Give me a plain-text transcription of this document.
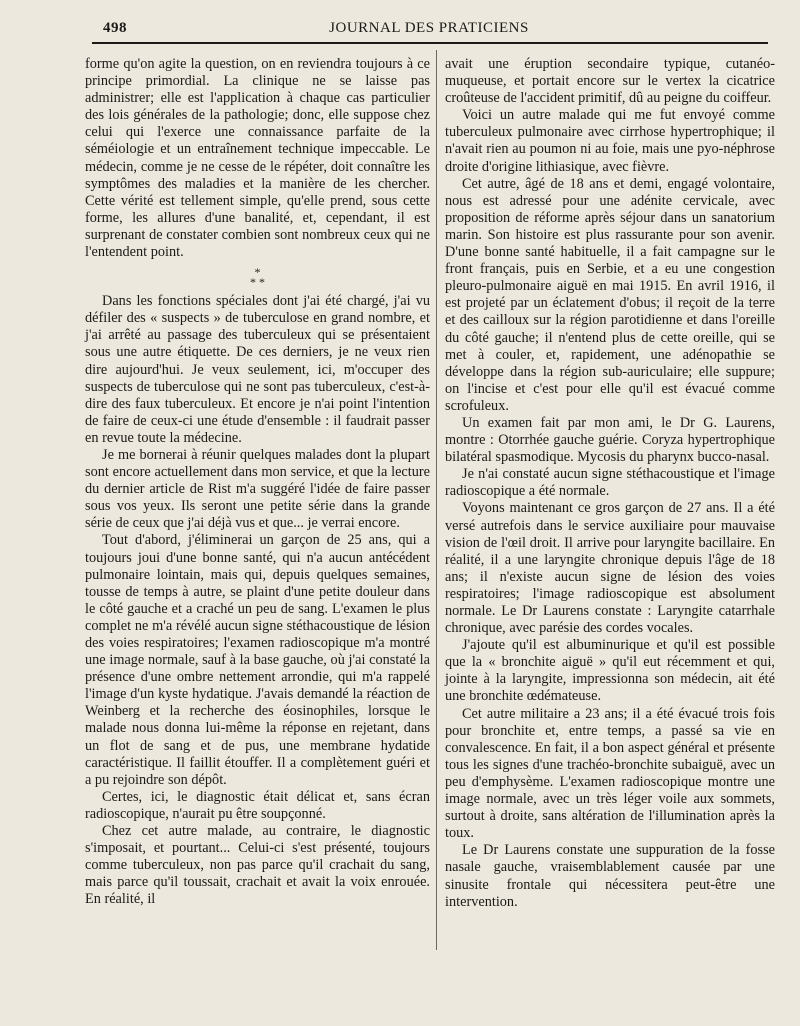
498	JOURNAL DES PRATICIENS

forme qu'on agite la question, on en reviendra toujours à ce principe primordial. La clinique ne se laisse pas administrer; elle est l'application à chaque cas particulier des lois générales de la pathologie; donc, elle suppose chez celui qui l'exerce une connaissance parfaite de la séméiologie et un entraînement technique impeccable. Le médecin, comme je ne cesse de le répéter, doit connaître les symptômes des maladies et la manière de les chercher. Cette vérité est tellement simple, qu'elle prend, sous cette forme, les allures d'une banalité, et, cependant, il est surprenant de constater combien sont nombreux ceux qui ne l'entendent point.

*
* *

Dans les fonctions spéciales dont j'ai été chargé, j'ai vu défiler des « suspects » de tuberculose en grand nombre, et j'ai arrêté au passage des tuberculeux qui se présentaient sous une autre étiquette. De ces derniers, je ne veux rien dire aujourd'hui. Je veux seulement, ici, m'occuper des suspects de tuberculose qui ne sont pas tuberculeux, c'est-à-dire des faux tuberculeux. Et encore je n'ai point l'intention de faire de ceux-ci une étude d'ensemble : il faudrait passer en revue toute la médecine.

Je me bornerai à réunir quelques malades dont la plupart sont encore actuellement dans mon service, et que la lecture du dernier article de Rist m'a suggéré l'idée de faire passer sous vos yeux. Ils seront une petite série dans la grande série de ceux que j'ai déjà vus et que... je verrai encore.

Tout d'abord, j'éliminerai un garçon de 25 ans, qui a toujours joui d'une bonne santé, qui n'a aucun antécédent pulmonaire lointain, mais qui, depuis quelques semaines, tousse de temps à autre, se plaint d'une petite douleur dans le côté gauche et a craché un peu de sang. L'examen le plus complet ne m'a révélé aucun signe stéthacoustique de lésion des voies respiratoires; l'examen radioscopique m'a montré une image normale, sauf à la base gauche, où j'ai constaté la présence d'une ombre nettement arrondie, qui m'a rappelé l'image d'un kyste hydatique. J'avais demandé la réaction de Weinberg et la recherche des éosinophiles, lorsque le malade nous donna lui-même la réponse en rejetant, dans un flot de sang et de pus, une membrane hydatide caractéristique. Il faillit étouffer. Il a complètement guéri et a pu rejoindre son dépôt.

Certes, ici, le diagnostic était délicat et, sans écran radioscopique, n'aurait pu être soupçonné.

Chez cet autre malade, au contraire, le diagnostic s'imposait, et pourtant... Celui-ci s'est présenté, toujours comme tuberculeux, non pas parce qu'il crachait du sang, mais parce qu'il toussait, crachait et avait la voix enrouée. En réalité, il

avait une éruption secondaire typique, cutanéo-muqueuse, et portait encore sur le vertex la cicatrice croûteuse de l'accident primitif, dû au peigne du coiffeur.

Voici un autre malade qui me fut envoyé comme tuberculeux pulmonaire avec cirrhose hypertrophique; il n'avait rien au poumon ni au foie, mais une pyo-néphrose droite d'origine lithiasique, avec fièvre.

Cet autre, âgé de 18 ans et demi, engagé volontaire, nous est adressé pour une adénite cervicale, avec proposition de réforme après séjour dans un sanatorium marin. Son histoire est plus rassurante pour son avenir. D'une bonne santé habituelle, il a fait campagne sur le front français, puis en Serbie, et a eu une congestion pleuro-pulmonaire aiguë en mai 1915. En avril 1916, il est projeté par un éclatement d'obus; il reçoit de la terre et des cailloux sur la région parotidienne et dans l'oreille du côté gauche; il n'entend plus de cette oreille, qui se met à couler, et, rapidement, une adénopathie se développe dans la région sub-auriculaire; elle suppure; on l'incise et c'est pour elle qu'il est évacué comme scrofuleux.

Un examen fait par mon ami, le Dr G. Laurens, montre : Otorrhée gauche guérie. Coryza hypertrophique bilatéral spasmodique. Mycosis du pharynx bucco-nasal.

Je n'ai constaté aucun signe stéthacoustique et l'image radioscopique a été normale.

Voyons maintenant ce gros garçon de 27 ans. Il a été versé autrefois dans le service auxiliaire pour mauvaise vision de l'œil droit. Il arrive pour laryngite bacillaire. En réalité, il a une laryngite chronique depuis l'âge de 18 ans; il n'existe aucun signe de lésion des voies respiratoires; l'image radioscopique est absolument normale. Le Dr Laurens constate : Laryngite catarrhale chronique, avec parésie des cordes vocales.

J'ajoute qu'il est albuminurique et qu'il est possible que la « bronchite aiguë » qu'il eut récemment et qui, jointe à la laryngite, impressionna son médecin, ait été une bronchite œdémateuse.

Cet autre militaire a 23 ans; il a été évacué trois fois pour bronchite et, entre temps, a passé sa vie en convalescence. En fait, il a bon aspect général et présente tous les signes d'une trachéo-bronchite subaiguë, avec un peu d'emphysème. L'examen radioscopique montre une image normale, avec un très léger voile aux sommets, surtout à droite, sans altération de l'illumination après la toux.

Le Dr Laurens constate une suppuration de la fosse nasale gauche, vraisemblablement causée par une sinusite frontale qui nécessitera peut-être une intervention.
